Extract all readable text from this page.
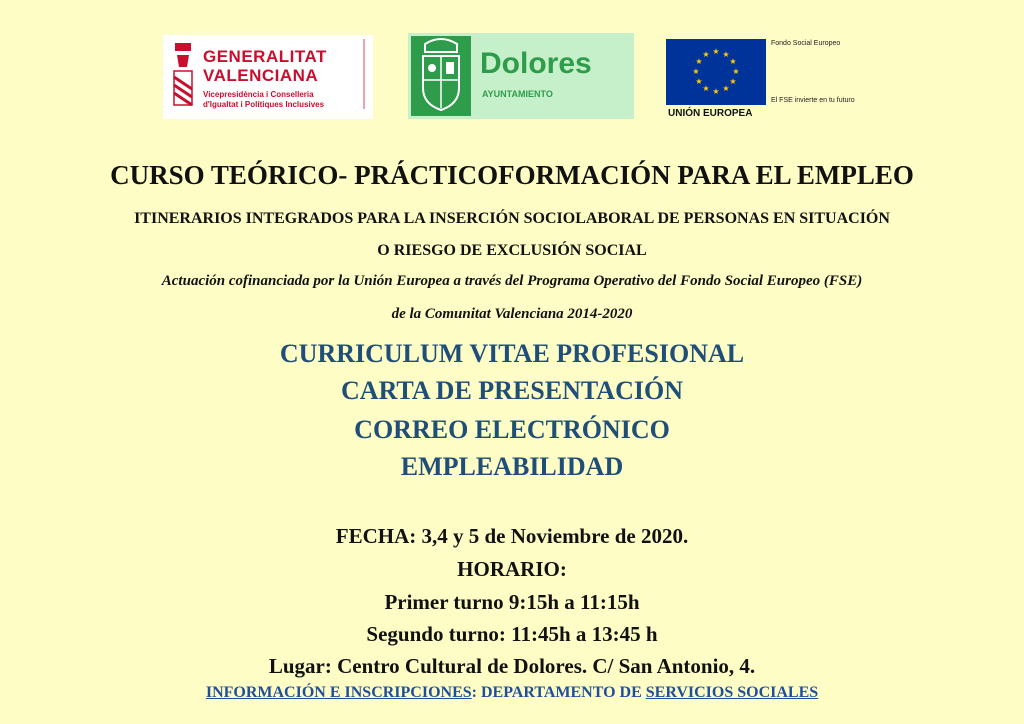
GENERALITAT
VALENCIANA
Vicepresidència i Conselleria
d'Igualtat i Polítiques Inclusives
Dolores
AYUNTAMIENTO
★ ★
★
★
★
★
★
★
★
★
★
★
UNIÓN EUROPEA
Fondo Social Europeo
El FSE invierte en tu futuro
CURSO TEÓRICO- PRÁCTICOFORMACIÓN PARA EL EMPLEO
ITINERARIOS INTEGRADOS PARA LA INSERCIÓN SOCIOLABORAL DE PERSONAS EN SITUACIÓN
O RIESGO DE EXCLUSIÓN SOCIAL
Actuación cofinanciada por la Unión Europea a través del Programa Operativo del Fondo Social Europeo (FSE)
de la Comunitat Valenciana 2014-2020
CURRICULUM VITAE PROFESIONAL
CARTA DE PRESENTACIÓN
CORREO ELECTRÓNICO
EMPLEABILIDAD
FECHA: 3,4 y 5 de Noviembre de 2020.
HORARIO:
Primer turno 9:15h a 11:15h
Segundo turno: 11:45h a 13:45 h
Lugar: Centro Cultural de Dolores. C/ San Antonio, 4.
INFORMACIÓN E INSCRIPCIONES: DEPARTAMENTO DE SERVICIOS SOCIALES
